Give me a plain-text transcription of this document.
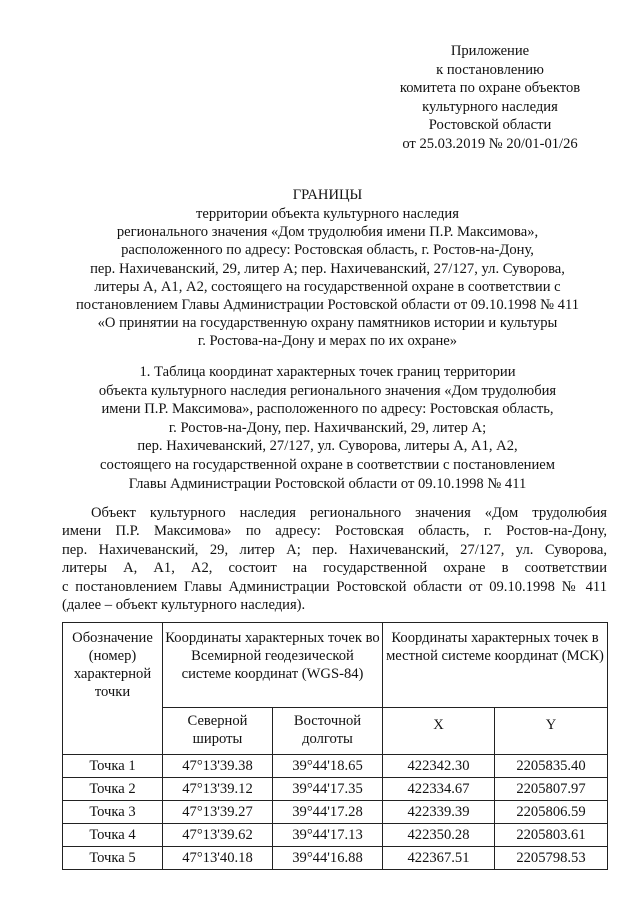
Приложение
к постановлению
комитета по охране объектов
культурного наследия
Ростовской области
от 25.03.2019 № 20/01-01/26
ГРАНИЦЫ
территории объекта культурного наследия
регионального значения «Дом трудолюбия имени П.Р. Максимова»,
расположенного по адресу: Ростовская область, г. Ростов-на-Дону,
пер. Нахичеванский, 29, литер А; пер. Нахичеванский, 27/127, ул. Суворова,
литеры А, А1, А2, состоящего на государственной охране в соответствии с
постановлением Главы Администрации Ростовской области от 09.10.1998 № 411
«О принятии на государственную охрану памятников истории и культуры
г. Ростова-на-Дону и мерах по их охране»
1. Таблица координат характерных точек границ территории
объекта культурного наследия регионального значения «Дом трудолюбия
имени П.Р. Максимова», расположенного по адресу: Ростовская область,
г. Ростов-на-Дону, пер. Нахичванский, 29, литер А;
пер. Нахичеванский, 27/127, ул. Суворова, литеры А, А1, А2,
состоящего на государственной охране в соответствии с постановлением
Главы Администрации Ростовской области от 09.10.1998 № 411
Объект культурного наследия регионального значения «Дом трудолюбия
имени П.Р. Максимова» по адресу: Ростовская область, г. Ростов-на-Дону,
пер. Нахичеванский, 29, литер А; пер. Нахичеванский, 27/127, ул. Суворова,
литеры А, А1, А2, состоит на государственной охране в соответствии
с постановлением Главы Администрации Ростовской области от 09.10.1998 № 411
(далее – объект культурного наследия).
Обозначение (номер) характерной точки	Координаты характерных точек во Всемирной геодезической системе координат (WGS-84)		Координаты характерных точек в местной системе координат (МСК)	
	Северной широты	Восточной долготы	X	Y
Точка 1	47°13'39.38	39°44'18.65	422342.30	2205835.40
Точка 2	47°13'39.12	39°44'17.35	422334.67	2205807.97
Точка 3	47°13'39.27	39°44'17.28	422339.39	2205806.59
Точка 4	47°13'39.62	39°44'17.13	422350.28	2205803.61
Точка 5	47°13'40.18	39°44'16.88	422367.51	2205798.53
